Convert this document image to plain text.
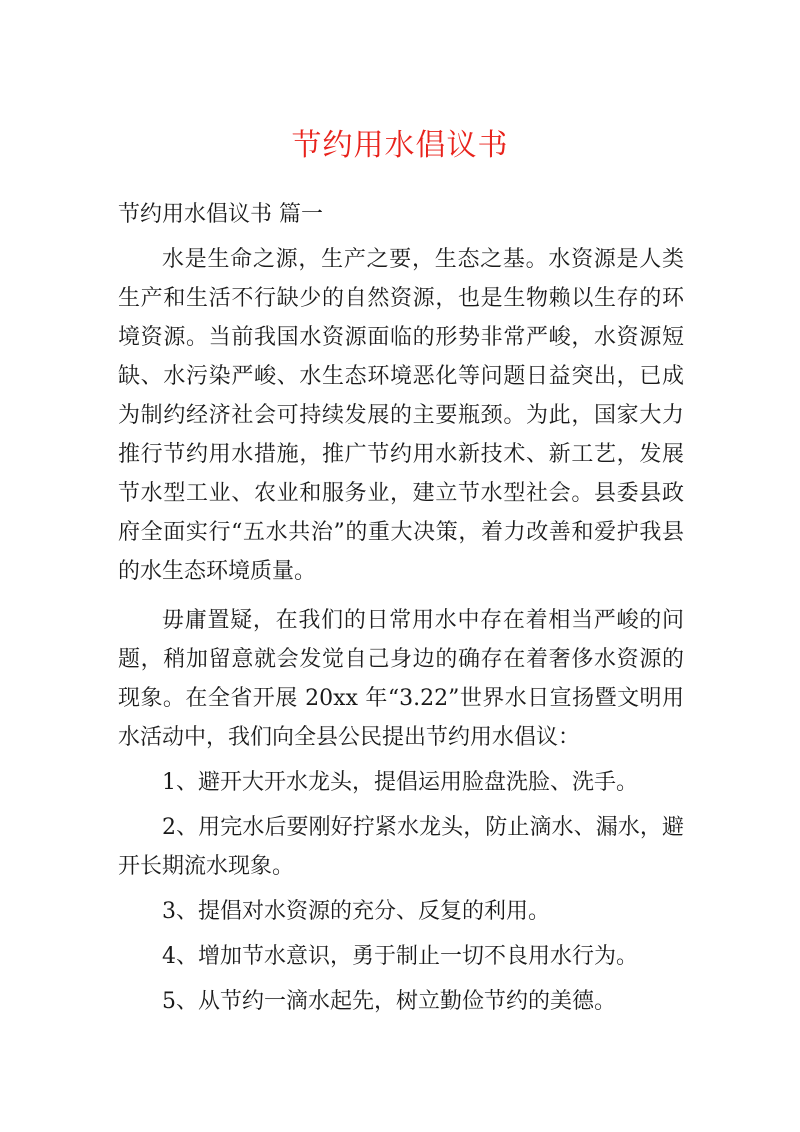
节约用水倡议书
节约用水倡议书 篇一

水是生命之源，生产之要，生态之基。水资源是人类生产和生活不行缺少的自然资源，也是生物赖以生存的环境资源。当前我国水资源面临的形势非常严峻，水资源短缺、水污染严峻、水生态环境恶化等问题日益突出，已成为制约经济社会可持续发展的主要瓶颈。为此，国家大力推行节约用水措施，推广节约用水新技术、新工艺，发展节水型工业、农业和服务业，建立节水型社会。县委县政府全面实行“五水共治”的重大决策，着力改善和爱护我县的水生态环境质量。

毋庸置疑，在我们的日常用水中存在着相当严峻的问题，稍加留意就会发觉自己身边的确存在着奢侈水资源的现象。在全省开展 20xx 年“3.22”世界水日宣扬暨文明用水活动中，我们向全县公民提出节约用水倡议：

1、避开大开水龙头，提倡运用脸盘洗脸、洗手。

2、用完水后要刚好拧紧水龙头，防止滴水、漏水，避开长期流水现象。

3、提倡对水资源的充分、反复的利用。

4、增加节水意识，勇于制止一切不良用水行为。

5、从节约一滴水起先，树立勤俭节约的美德。
